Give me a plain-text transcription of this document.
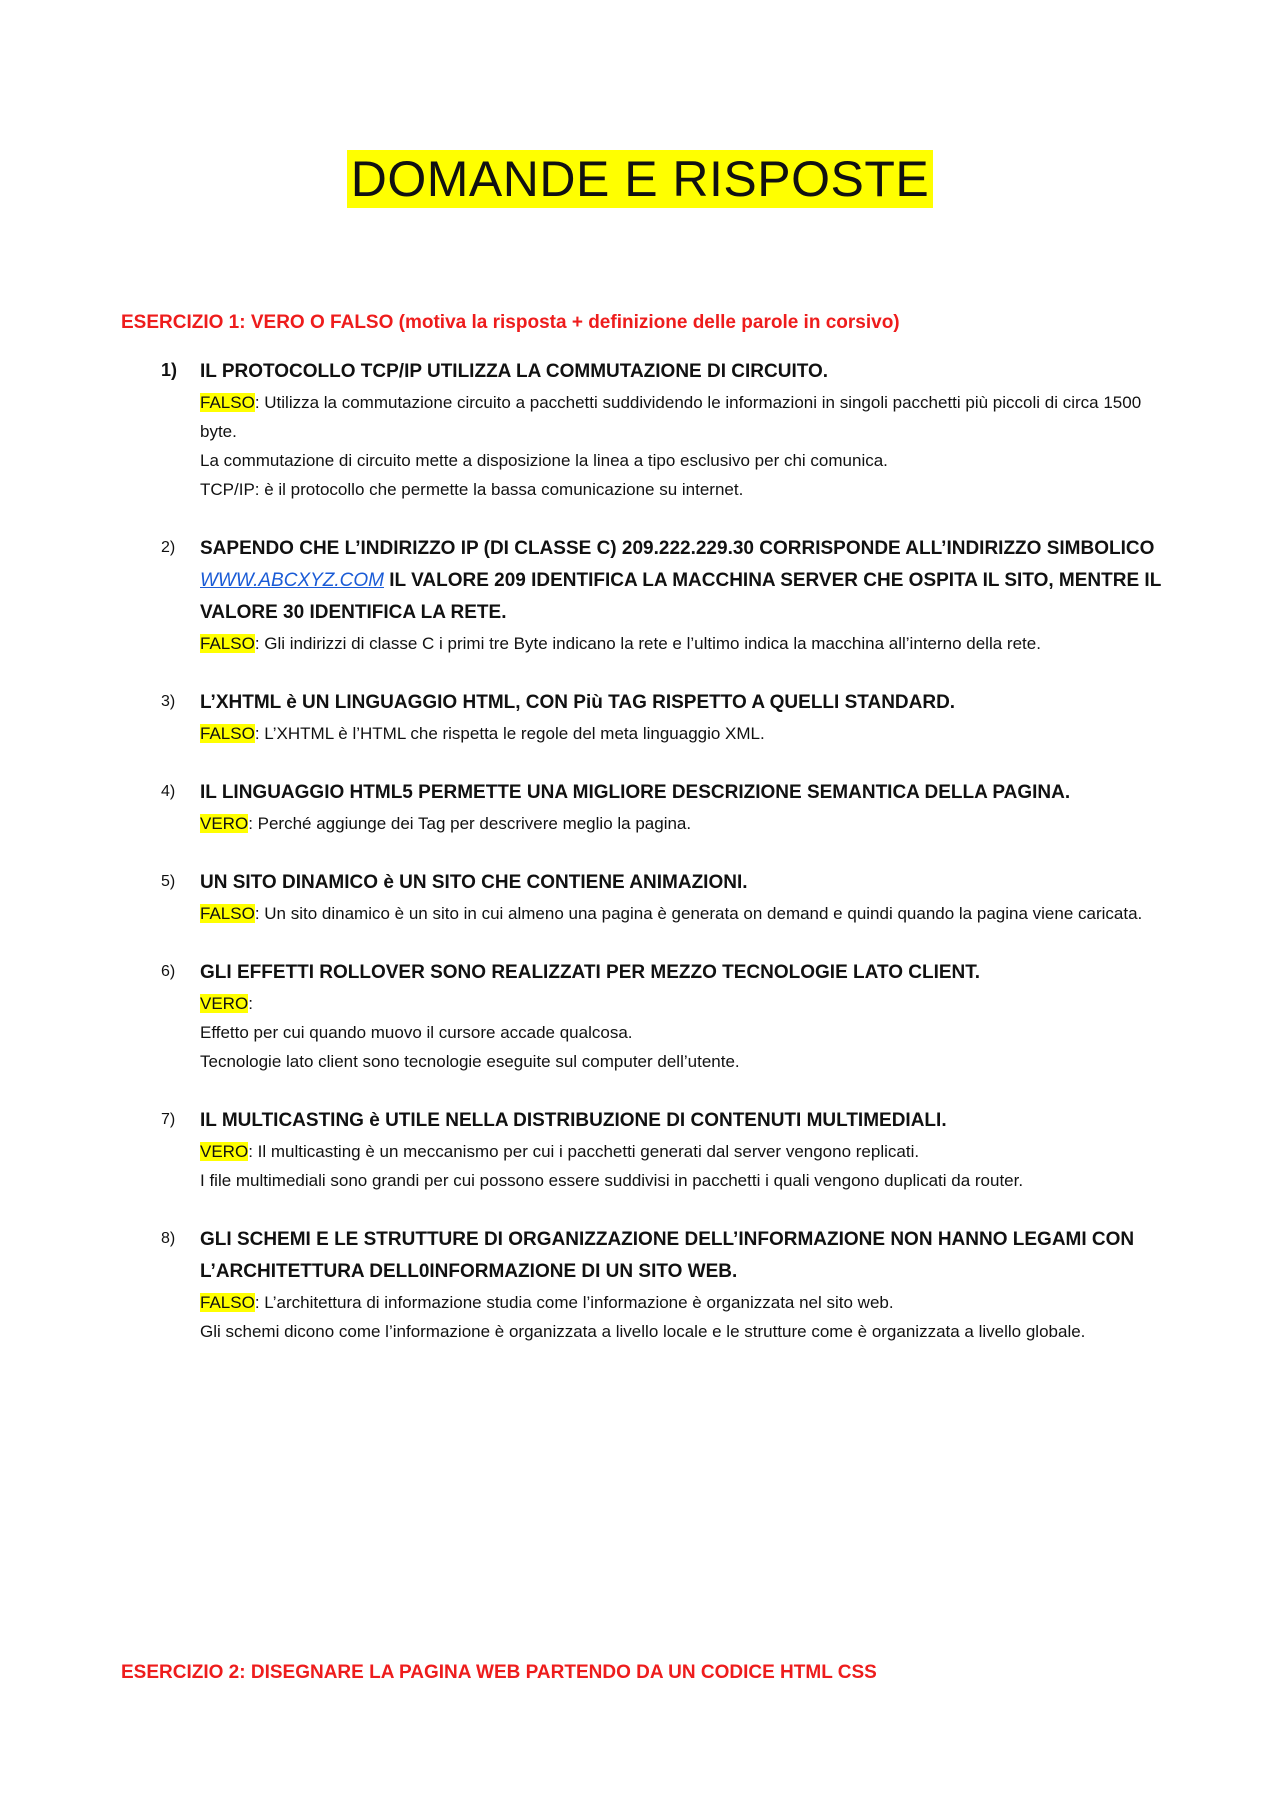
DOMANDE E RISPOSTE
ESERCIZIO 1: VERO O FALSO (motiva la risposta + definizione delle parole in corsivo)
1) IL PROTOCOLLO TCP/IP UTILIZZA LA COMMUTAZIONE DI CIRCUITO.
FALSO: Utilizza la commutazione circuito a pacchetti suddividendo le informazioni in singoli pacchetti più piccoli di circa 1500 byte.
La commutazione di circuito mette a disposizione la linea a tipo esclusivo per chi comunica.
TCP/IP: è il protocollo che permette la bassa comunicazione su internet.
2) SAPENDO CHE L’INDIRIZZO IP (DI CLASSE C) 209.222.229.30 CORRISPONDE ALL’INDIRIZZO SIMBOLICO WWW.ABCXYZ.COM IL VALORE 209 IDENTIFICA LA MACCHINA SERVER CHE OSPITA IL SITO, MENTRE IL VALORE 30 IDENTIFICA LA RETE.
FALSO: Gli indirizzi di classe C i primi tre Byte indicano la rete e l’ultimo indica la macchina all’interno della rete.
3) L’XHTML è UN LINGUAGGIO HTML, CON Più TAG RISPETTO A QUELLI STANDARD.
FALSO: L’XHTML è l’HTML che rispetta le regole del meta linguaggio XML.
4) IL LINGUAGGIO HTML5 PERMETTE UNA MIGLIORE DESCRIZIONE SEMANTICA DELLA PAGINA.
VERO: Perché aggiunge dei Tag per descrivere meglio la pagina.
5) UN SITO DINAMICO è UN SITO CHE CONTIENE ANIMAZIONI.
FALSO: Un sito dinamico è un sito in cui almeno una pagina è generata on demand e quindi quando la pagina viene caricata.
6) GLI EFFETTI ROLLOVER SONO REALIZZATI PER MEZZO TECNOLOGIE LATO CLIENT.
VERO:
Effetto per cui quando muovo il cursore accade qualcosa.
Tecnologie lato client sono tecnologie eseguite sul computer dell’utente.
7) IL MULTICASTING è UTILE NELLA DISTRIBUZIONE DI CONTENUTI MULTIMEDIALI.
VERO: Il multicasting è un meccanismo per cui i pacchetti generati dal server vengono replicati.
I file multimediali sono grandi per cui possono essere suddivisi in pacchetti i quali vengono duplicati da router.
8) GLI SCHEMI E LE STRUTTURE DI ORGANIZZAZIONE DELL’INFORMAZIONE NON HANNO LEGAMI CON L’ARCHITETTURA DELL0INFORMAZIONE DI UN SITO WEB.
FALSO: L’architettura di informazione studia come l’informazione è organizzata nel sito web.
Gli schemi dicono come l’informazione è organizzata a livello locale e le strutture come è organizzata a livello globale.
ESERCIZIO 2: DISEGNARE LA PAGINA WEB PARTENDO DA UN CODICE HTML CSS
